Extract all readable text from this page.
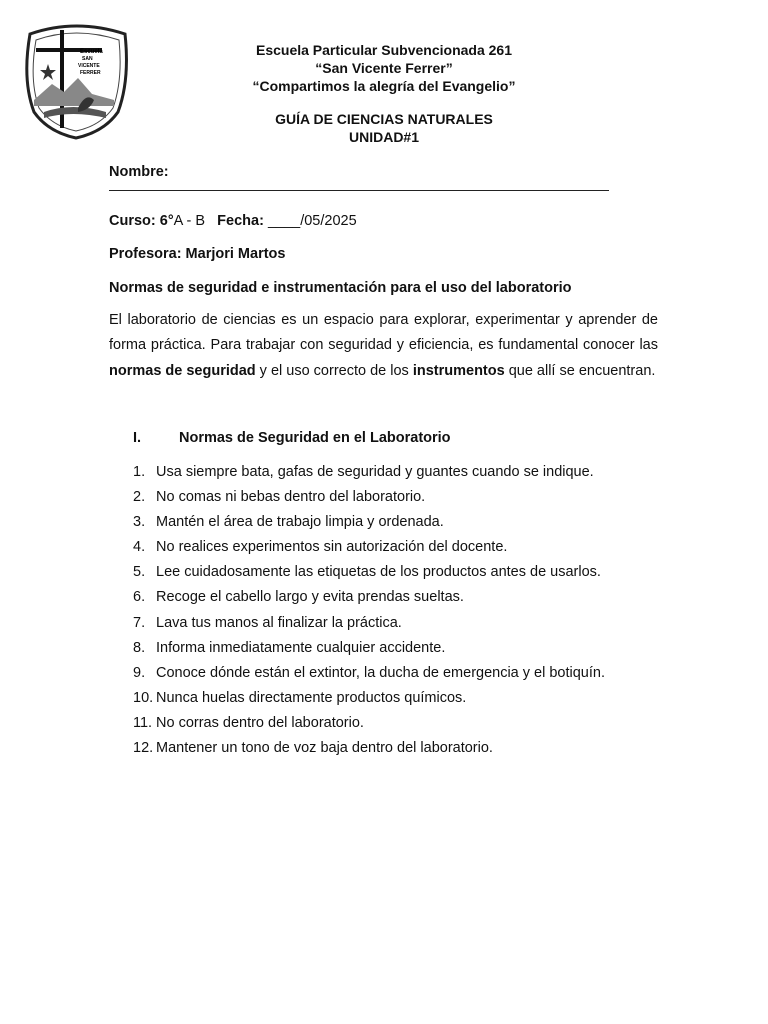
Escuela
SAN
VICENTE
FERRER
Escuela Particular Subvencionada 261
“San Vicente Ferrer”
“Compartimos la alegría del Evangelio”
GUÍA DE CIENCIAS NATURALES
UNIDAD#1
Nombre:
Curso: 6°A - B Fecha: ____/05/2025
Profesora: Marjori Martos
Normas de seguridad e instrumentación para el uso del laboratorio
El laboratorio de ciencias es un espacio para explorar, experimentar y aprender de forma práctica. Para trabajar con seguridad y eficiencia, es fundamental conocer las normas de seguridad y el uso correcto de los instrumentos que allí se encuentran.
I.	Normas de Seguridad en el Laboratorio
1. Usa siempre bata, gafas de seguridad y guantes cuando se indique.
2. No comas ni bebas dentro del laboratorio.
3. Mantén el área de trabajo limpia y ordenada.
4. No realices experimentos sin autorización del docente.
5. Lee cuidadosamente las etiquetas de los productos antes de usarlos.
6. Recoge el cabello largo y evita prendas sueltas.
7. Lava tus manos al finalizar la práctica.
8. Informa inmediatamente cualquier accidente.
9. Conoce dónde están el extintor, la ducha de emergencia y el botiquín.
10. Nunca huelas directamente productos químicos.
11. No corras dentro del laboratorio.
12. Mantener un tono de voz baja dentro del laboratorio.
